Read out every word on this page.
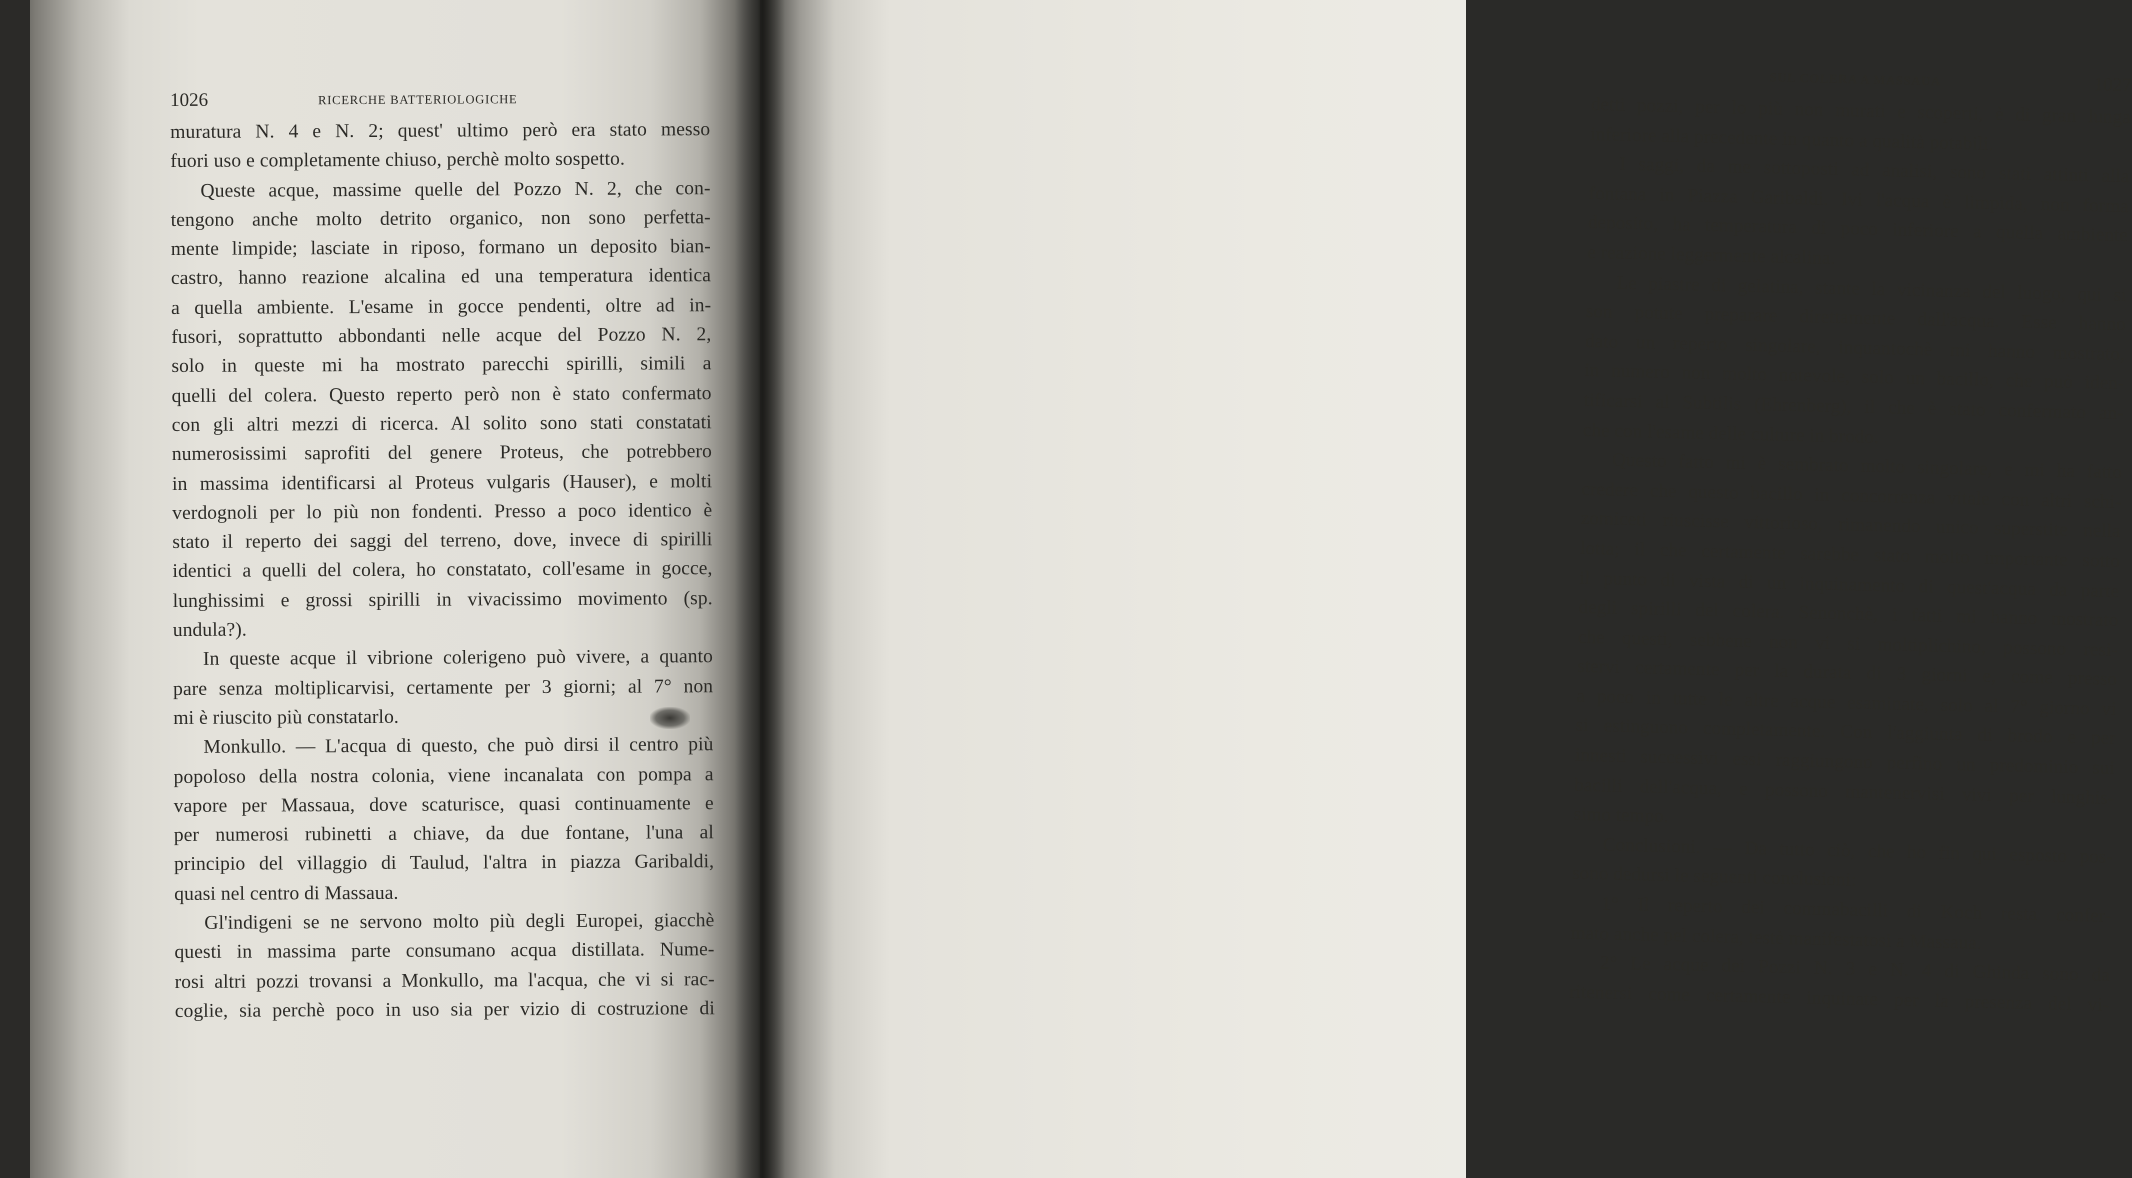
1026	RICERCHE BATTERIOLOGICHE
muratura N. 4 e N. 2; quest' ultimo però era stato messo
fuori uso e completamente chiuso, perchè molto sospetto.
Queste acque, massime quelle del Pozzo N. 2, che con-
tengono anche molto detrito organico, non sono perfetta-
mente limpide; lasciate in riposo, formano un deposito bian-
castro, hanno reazione alcalina ed una temperatura identica
a quella ambiente. L'esame in gocce pendenti, oltre ad in-
fusori, soprattutto abbondanti nelle acque del Pozzo N. 2,
solo in queste mi ha mostrato parecchi spirilli, simili a
quelli del colera. Questo reperto però non è stato confermato
con gli altri mezzi di ricerca. Al solito sono stati constatati
numerosissimi saprofiti del genere Proteus, che potrebbero
in massima identificarsi al Proteus vulgaris (Hauser), e molti
verdognoli per lo più non fondenti. Presso a poco identico è
stato il reperto dei saggi del terreno, dove, invece di spirilli
identici a quelli del colera, ho constatato, coll'esame in gocce,
lunghissimi e grossi spirilli in vivacissimo movimento (sp.
undula?).
In queste acque il vibrione colerigeno può vivere, a quanto
pare senza moltiplicarvisi, certamente per 3 giorni; al 7° non
mi è riuscito più constatarlo.
Monkullo. — L'acqua di questo, che può dirsi il centro più
popoloso della nostra colonia, viene incanalata con pompa a
vapore per Massaua, dove scaturisce, quasi continuamente e
per numerosi rubinetti a chiave, da due fontane, l'una al
principio del villaggio di Taulud, l'altra in piazza Garibaldi,
quasi nel centro di Massaua.
Gl'indigeni se ne servono molto più degli Europei, giacchè
questi in massima parte consumano acqua distillata. Nume-
rosi altri pozzi trovansi a Monkullo, ma l'acqua, che vi si rac-
coglie, sia perchè poco in uso sia per vizio di costruzione di
SUL COLERA A MASSAUA	1027
detti pozzi, per lo più non murati e scoperti, è di gran lunga
inferiore alla precedente in quanto a qualità potabili.
I saggi, da me sottoposti ad analisi, sono stati attinti alla
fontana in Piazza Garibaldi. Ivi l'acqua è limpida, non forma
deposito, ha temperatura di poco inferiore a quella ambiente
e reazione leggermente alcalina.
Le piastre di gelatina, stante la vicinanza del luogo, qui si
son potute preparare direttamente dall'acqua. Esse hanno
dato un reperto singolare, inquantochè mi hanno mostrato,
in numero non molto notevole, solo un bacillo, che può iden-
tificarsi al Subtilis (Ehrenberg), il che è stato confermato an-
che con l'esame delle culture in brodo.
Questo fatto mi è sembrato molto singolare, e mi ha fatto
credere che questo bacillo in concorrenza vitale con altri schi-
zomiceti riuscisse vittorioso, rimanendo unico superstite nella
lotta; il che certamente sarebbe stato molto importante sotto
il punto di vista di un inquinamento di quest'acqua da parte
degli spirilli del colera. Senonchè, i fatti mi hanno mostrato
che questi, sebbene non vi si moltiplichino, possono resi-
stervi certamente per la durata di 3 giorni e, come presso
a poco in tutte le altre acque esaminate, solo al 7° giorno vi
si estinguono completamente. Con l'aggiunta di brodo e per
innesti successivi essi raggiungono perfino un predominio sui
bacilli dell'acqua, e possono mantenervisi vivi per lunghis-
simo tempo.
Conclusioni. — Da tutto ciò, che ho fin qui esposto pos-
sono dedursi le seguenti conclusioni:
1° Il reperto dei commabacilli di Koch resta confer-
mato anche pel colera, testè manifestatosi a Massaua.
2° Le acque dei Pozzi N. 3 e N. 4 di Ghinda sono da
ritenersi come certamente inquinate per la presenza del vi-
